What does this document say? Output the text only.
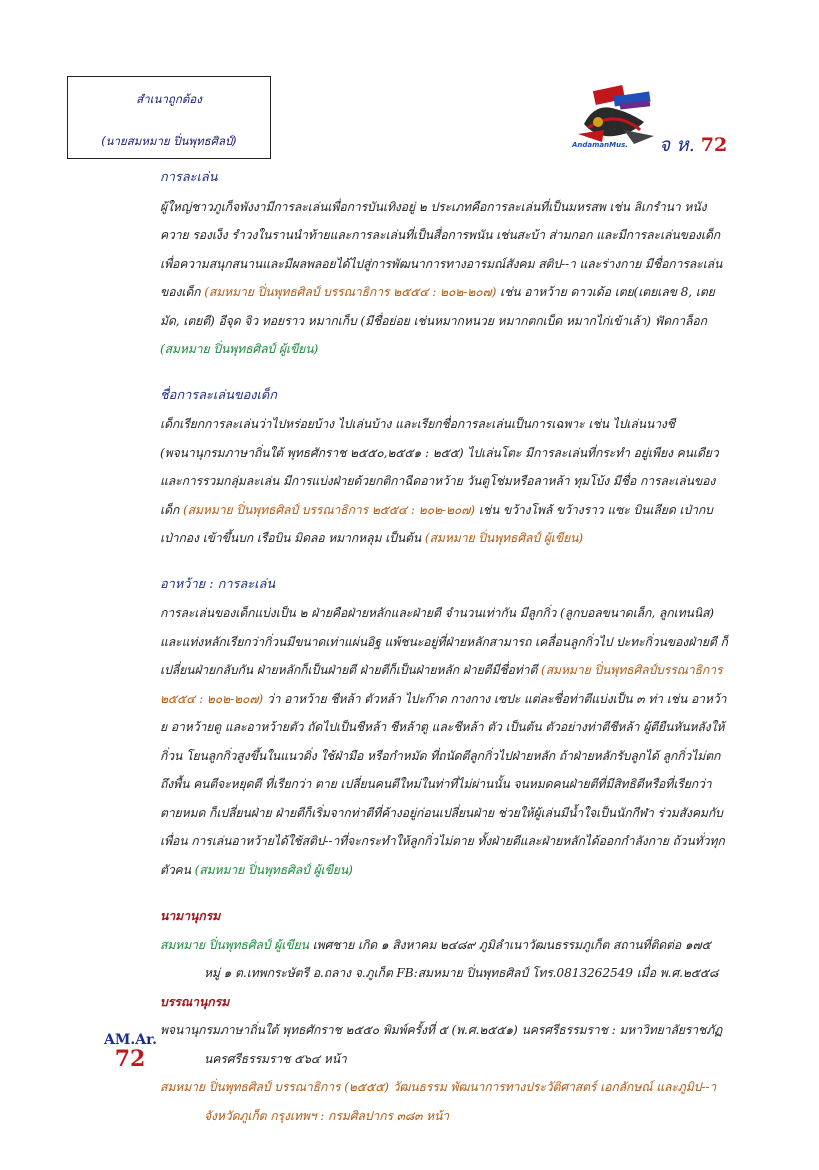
สำเนาถูกต้อง
(นายสมหมาย ปิ่นพุทธศิลป์)	AndamanMus. จ ห. 72
การละเล่น
ผู้ใหญ่ชาวภูเก็จพังงามีการละเล่นเพื่อการบันเทิงอยู่ ๒ ประเภทคือการละเล่นที่เป็นมหรสพ เช่น ลิเกรำนา หนังควาย รองเง็ง รำวงในรานนำท้ายและการละเล่นที่เป็นสื่อการพนัน เช่นสะบ้า ส่ามกอก และมีการละเล่นของเด็ก เพื่อความสนุกสนานและมีผลพลอยได้ไปสู่การพัฒนาการทางอารมณ์สังคม สติป--า และร่างกาย มีชื่อการละเล่นของเด็ก (สมหมาย ปิ่นพุทธศิลป์ บรรณาธิการ ๒๕๕๔ : ๒๐๒-๒๐๗) เช่น อาหว้าย ดาวเด้อ เตย(เตยเลข 8, เตยมัด, เตยตี) อีจุด จิว ทอยราว หมากเก็บ (มีชื่อย่อย เช่นหมากหนวย หมากตกเบ็ด หมากไก่เข้าเล้า) ฟัดกาล็อก (สมหมาย ปิ่นพุทธศิลป์ ผู้เขียน)
ชื่อการละเล่นของเด็ก
เด็กเรียกการละเล่นว่าไปหร่อยบ้าง ไปเล่นบ้าง และเรียกชื่อการละเล่นเป็นการเฉพาะ เช่น ไปเล่นนางชี (พจนานุกรมภาษาถิ่นใต้ พุทธศักราช ๒๕๕๐,๒๕๕๑ : ๒๕๕) ไปเล่นโตะ มีการละเล่นที่กระทำ อยู่เพียง คนเดียวและการรวมกลุ่มละเล่น มีการแบ่งฝ่ายด้วยกติกาฉีดอาหว้าย วันตูโช่มหรือลาหล้า ทุมโบ้ง มีชื่อ การละเล่นของเด็ก (สมหมาย ปิ่นพุทธศิลป์ บรรณาธิการ ๒๕๕๔ : ๒๐๒-๒๐๗) เช่น ขว้างโพล้ ขว้างราว แซะ บินเลียด เป่ากบ เป่ากอง เข้าขึ้นบก เรือบิน มิดลอ หมากหลุม เป็นต้น (สมหมาย ปิ่นพุทธศิลป์ ผู้เขียน)
อาหว้าย : การละเล่น
การละเล่นของเด็กแบ่งเป็น ๒ ฝ่ายคือฝ่ายหลักและฝ่ายตี จำนวนเท่ากัน มีลูกกิ่ว (ลูกบอลขนาดเล็ก, ลูกเทนนิส) และแท่งหลักเรียกว่ากิ่วนมีขนาดเท่าแผ่นอิฐ แพ้ชนะอยู่ที่ฝ่ายหลักสามารถ เคลื่อนลูกกิ่วไป ปะทะกิ่วนของฝ่ายตี ก็เปลี่ยนฝ่ายกลับกัน ฝ่ายหลักก็เป็นฝ่ายตี ฝ่ายตีก็เป็นฝ่ายหลัก ฝ่ายตีมีชื่อท่าตี (สมหมาย ปิ่นพุทธศิลป์บรรณาธิการ ๒๕๕๔ : ๒๐๒-๒๐๗) ว่า อาหว้าย ชีหล้า ตัวหล้า ไปะก๊าด กางกาง เซปะ แต่ละชื่อท่าตีแบ่งเป็น ๓ ท่า เช่น อาหว้าย อาหว้ายตู และอาหว้ายตัว ถัดไปเป็นชีหล้า ชีหล้าตู และชีหล้า ตัว เป็นต้น ตัวอย่างท่าตีชีหล้า ผู้ตียืนหันหลังให้กิ่วน โยนลูกกิ่วสูงขึ้นในแนวดิ่ง ใช้ฝ่ามือ หรือกำหมัด ที่ถนัดตีลูกกิ่วไปฝ่ายหลัก ถ้าฝ่ายหลักรับลูกได้ ลูกกิ่วไม่ตกถึงพื้น คนตีจะหยุดตี ที่เรียกว่า ตาย เปลี่ยนคนตีใหม่ในท่าที่ไม่ผ่านนั้น จนหมดคนฝ่ายตีที่มีสิทธิตีหรือที่เรียกว่าตายหมด ก็เปลี่ยนฝ่าย ฝ่ายตีก็เริ่มจากท่าตีที่ค้างอยู่ก่อนเปลี่ยนฝ่าย ช่วยให้ผู้เล่นมีน้ำใจเป็นนักกีฬา ร่วมสังคมกับเพื่อน การเล่นอาหว้ายได้ใช้สติป--าที่จะกระทำให้ลูกกิ่วไม่ตาย ทั้งฝ่ายตีและฝ่ายหลักได้ออกกำลังกาย ถ้วนทั่วทุกตัวคน (สมหมาย ปิ่นพุทธศิลป์ ผู้เขียน)
นามานุกรม
สมหมาย ปิ่นพุทธศิลป์ ผู้เขียน เพศชาย เกิด ๑ สิงหาคม ๒๔๘๙ ภูมิลำเนาวัฒนธรรมภูเก็ต สถานที่ติดต่อ ๑๗๕ หมู่ ๑ ต.เทพกระษัตรี อ.ถลาง จ.ภูเก็ต FB:สมหมาย ปิ่นพุทธศิลป์ โทร.0813262549 เมื่อ พ.ศ.๒๕๕๘
บรรณานุกรม
พจนานุกรมภาษาถิ่นใต้ พุทธศักราช ๒๕๕๐ พิมพ์ครั้งที่ ๕ (พ.ศ.๒๕๕๑) นครศรีธรรมราช : มหาวิทยาลัยราชภัฏนครศรีธรรมราช ๕๖๔ หน้า
สมหมาย ปิ่นพุทธศิลป์ บรรณาธิการ (๒๕๕๕) วัฒนธรรม พัฒนาการทางประวัติศาสตร์ เอกลักษณ์ และภูมิป--า จังหวัดภูเก็ต กรุงเทพฯ : กรมศิลปากร ๓๘๓ หน้า
AM.Ar.
72
